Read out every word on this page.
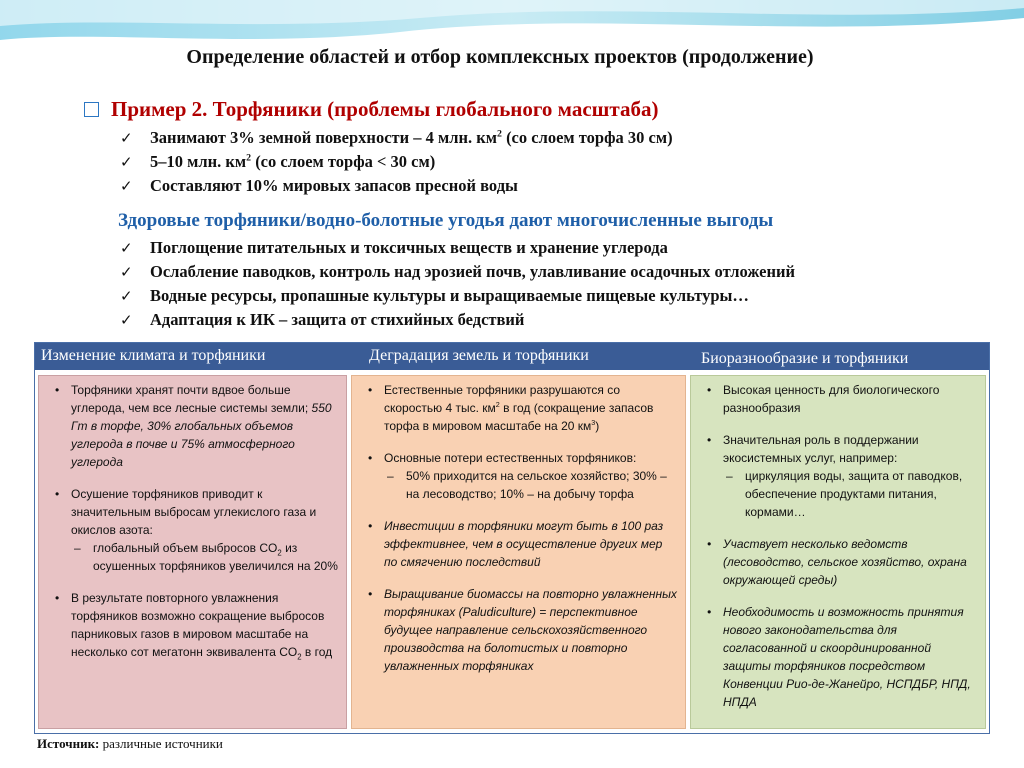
Определение областей и отбор комплексных проектов (продолжение)
Пример 2. Торфяники (проблемы глобального масштаба)
✓ Занимают 3% земной поверхности – 4 млн. $км^2$ (со слоем торфа 30 см)
✓ 5–10 млн. $км^2$ (со слоем торфа < 30 см)
✓ Составляют 10% мировых запасов пресной воды
Здоровые торфяники/водно-болотные угодья дают многочисленные выгоды
✓ Поглощение питательных и токсичных веществ и хранение углерода
✓ Ослабление паводков, контроль над эрозией почв, улавливание осадочных отложений
✓ Водные ресурсы, пропашные культуры и выращиваемые пищевые культуры…
✓ Адаптация к ИК – защита от стихийных бедствий
Изменение климата и торфяники	Деградация земель и торфяники	Биоразнообразие и торфяники
• Торфяники хранят почти вдвое больше углерода, чем все лесные системы земли; 550 Гт в торфе, 30% глобальных объемов углерода в почве и 75% атмосферного углерода
• Осушение торфяников приводит к значительным выбросам углекислого газа и окислов азота:
– глобальный объем выбросов $CO_2$ из осушенных торфяников увеличился на 20%
• В результате повторного увлажнения торфяников возможно сокращение выбросов парниковых газов в мировом масштабе на несколько сот мегатонн эквивалента $CO_2$ в год
• Естественные торфяники разрушаются со скоростью 4 тыс. $км^2$ в год (сокращение запасов торфа в мировом масштабе на 20 $км^3$)
• Основные потери естественных торфяников:
– 50% приходится на сельское хозяйство; 30% – на лесоводство; 10% – на добычу торфа
• Инвестиции в торфяники могут быть в 100 раз эффективнее, чем в осуществление других мер по смягчению последствий
• Выращивание биомассы на повторно увлажненных торфяниках (Paludiculture) = перспективное будущее направление сельскохозяйственного производства на болотистых и повторно увлажненных торфяниках
• Высокая ценность для биологического разнообразия
• Значительная роль в поддержании экосистемных услуг, например:
– циркуляция воды, защита от паводков, обеспечение продуктами питания, кормами…
• Участвует несколько ведомств (лесоводство, сельское хозяйство, охрана окружающей среды)
• Необходимость и возможность принятия нового законодательства для согласованной и скоординированной защиты торфяников посредством Конвенции Рио-де-Жанейро, НСПДБР, НПД, НПДА
Источник: различные источники
